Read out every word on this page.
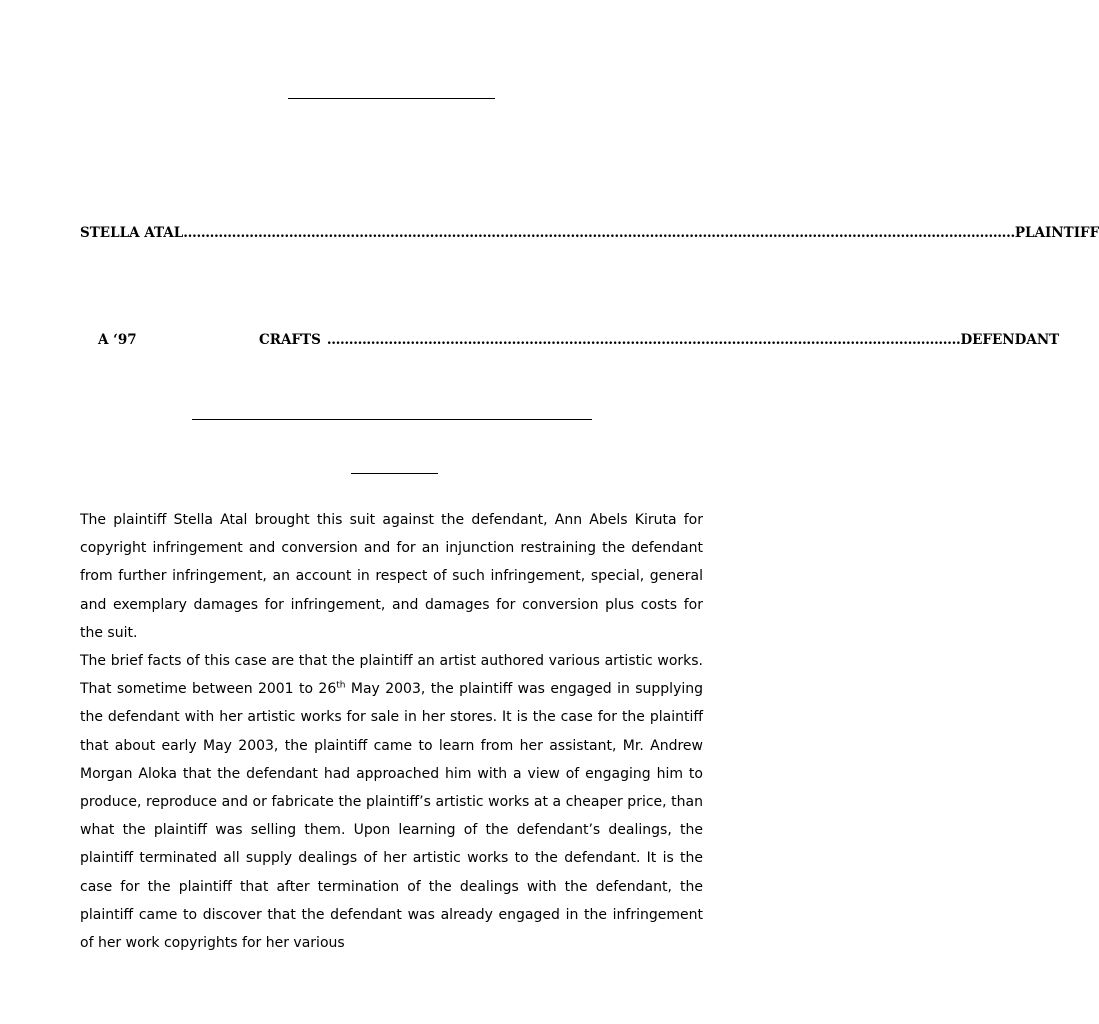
STELLA ATAL ……………………………………………………………………………………………………………………………………………………………………... PLAINTIFF
A ‘97	CRAFTS …………………………………..……..………………………………………………………………………………….. DEFENDANT

The plaintiff Stella Atal brought this suit against the defendant, Ann Abels Kiruta for copyright infringement and conversion and for an injunction restraining the defendant from further infringement, an account in respect of such infringement, special, general and exemplary damages for infringement, and damages for conversion plus costs for the suit.

The brief facts of this case are that the plaintiff an artist authored various artistic works. That sometime between 2001 to 26th May 2003, the plaintiff was engaged in supplying the defendant with her artistic works for sale in her stores. It is the case for the plaintiff that about early May 2003, the plaintiff came to learn from her assistant, Mr. Andrew Morgan Aloka that the defendant had approached him with a view of engaging him to produce, reproduce and or fabricate the plaintiff’s artistic works at a cheaper price, than what the plaintiff was selling them. Upon learning of the defendant’s dealings, the plaintiff terminated all supply dealings of her artistic works to the defendant. It is the case for the plaintiff that after termination of the dealings with the defendant, the plaintiff came to discover that the defendant was already engaged in the infringement of her work copyrights for her various
